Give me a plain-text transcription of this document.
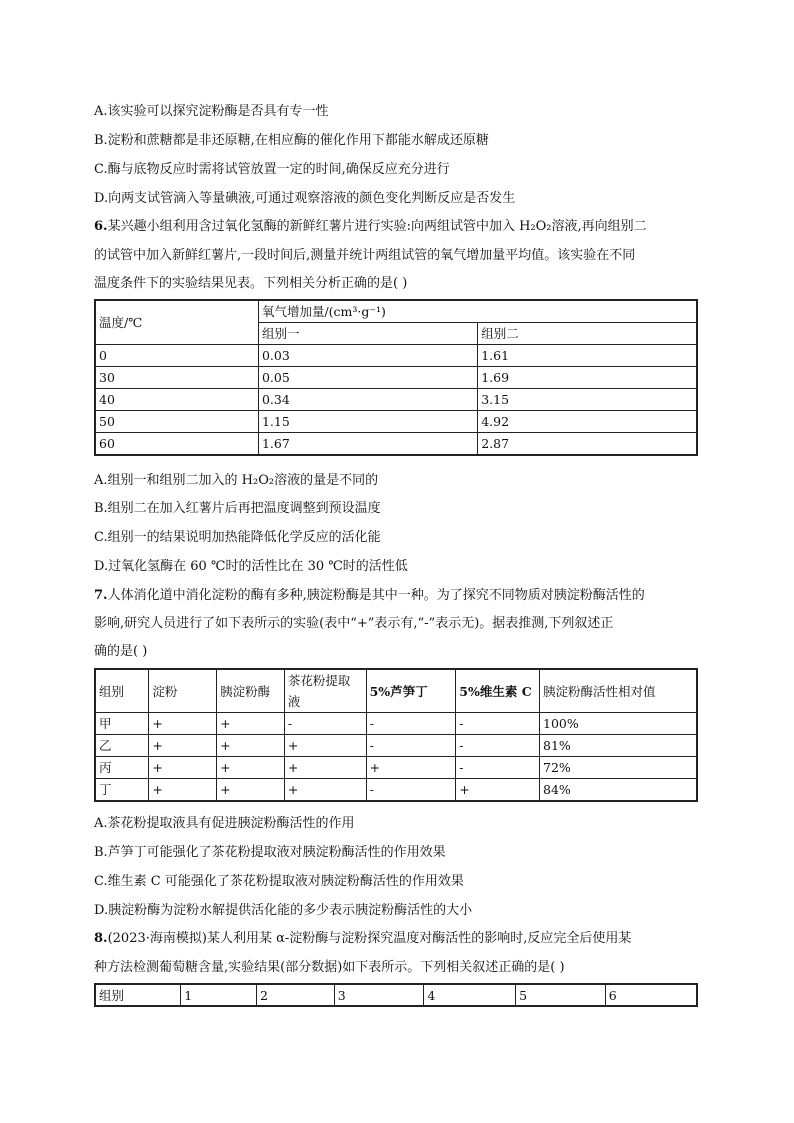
A.该实验可以探究淀粉酶是否具有专一性
B.淀粉和蔗糖都是非还原糖,在相应酶的催化作用下都能水解成还原糖
C.酶与底物反应时需将试管放置一定的时间,确保反应充分进行
D.向两支试管滴入等量碘液,可通过观察溶液的颜色变化判断反应是否发生
6.某兴趣小组利用含过氧化氢酶的新鲜红薯片进行实验:向两组试管中加入 H₂O₂溶液,再向组别二
的试管中加入新鲜红薯片,一段时间后,测量并统计两组试管的氧气增加量平均值。该实验在不同
温度条件下的实验结果见表。下列相关分析正确的是( )
温度/℃	氧气增加量/(cm³·g⁻¹)	
	组别一	组别二
0	0.03	1.61
30	0.05	1.69
40	0.34	3.15
50	1.15	4.92
60	1.67	2.87
A.组别一和组别二加入的 H₂O₂溶液的量是不同的
B.组别二在加入红薯片后再把温度调整到预设温度
C.组别一的结果说明加热能降低化学反应的活化能
D.过氧化氢酶在 60 ℃时的活性比在 30 ℃时的活性低
7.人体消化道中消化淀粉的酶有多种,胰淀粉酶是其中一种。为了探究不同物质对胰淀粉酶活性的
影响,研究人员进行了如下表所示的实验(表中“+”表示有,“-”表示无)。据表推测,下列叙述正
确的是( )
组别	淀粉	胰淀粉酶	茶花粉提取液	5%芦笋丁	5%维生素 C	胰淀粉酶活性相对值
甲	+	+	-	-	-	100%
乙	+	+	+	-	-	81%
丙	+	+	+	+	-	72%
丁	+	+	+	-	+	84%
A.茶花粉提取液具有促进胰淀粉酶活性的作用
B.芦笋丁可能强化了茶花粉提取液对胰淀粉酶活性的作用效果
C.维生素 C 可能强化了茶花粉提取液对胰淀粉酶活性的作用效果
D.胰淀粉酶为淀粉水解提供活化能的多少表示胰淀粉酶活性的大小
8.(2023·海南模拟)某人利用某 α-淀粉酶与淀粉探究温度对酶活性的影响时,反应完全后使用某
种方法检测葡萄糖含量,实验结果(部分数据)如下表所示。下列相关叙述正确的是( )
组别	1	2	3	4	5	6
